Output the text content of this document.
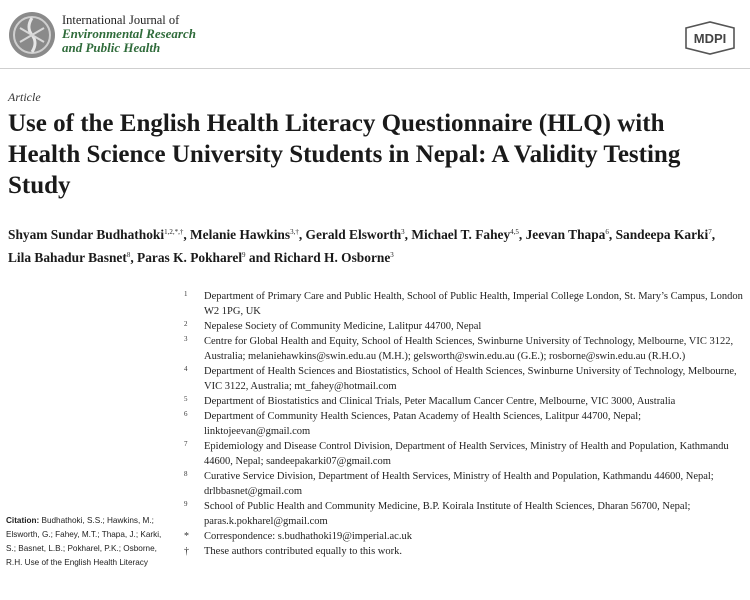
International Journal of
Environmental Research
and Public Health
MDPI
Article
Use of the English Health Literacy Questionnaire (HLQ) with Health Science University Students in Nepal: A Validity Testing Study

Shyam Sundar Budhathoki$^{1,2,*,\dagger}$, Melanie Hawkins$^{3,\dagger}$, Gerald Elsworth$^3$, Michael T. Fahey$^{4,5}$, Jeevan Thapa$^6$, Sandeepa Karki$^7$, Lila Bahadur Basnet$^8$, Paras K. Pokharel$^9$ and Richard H. Osborne$^3$

1 Department of Primary Care and Public Health, School of Public Health, Imperial College London, St. Mary’s Campus, London W2 1PG, UK
2 Nepalese Society of Community Medicine, Lalitpur 44700, Nepal
3 Centre for Global Health and Equity, School of Health Sciences, Swinburne University of Technology, Melbourne, VIC 3122, Australia; melaniehawkins@swin.edu.au (M.H.); gelsworth@swin.edu.au (G.E.); rosborne@swin.edu.au (R.H.O.)
4 Department of Health Sciences and Biostatistics, School of Health Sciences, Swinburne University of Technology, Melbourne, VIC 3122, Australia; mt_fahey@hotmail.com
5 Department of Biostatistics and Clinical Trials, Peter Macallum Cancer Centre, Melbourne, VIC 3000, Australia
6 Department of Community Health Sciences, Patan Academy of Health Sciences, Lalitpur 44700, Nepal; linktojeevan@gmail.com
7 Epidemiology and Disease Control Division, Department of Health Services, Ministry of Health and Population, Kathmandu 44600, Nepal; sandeepakarki07@gmail.com
8 Curative Service Division, Department of Health Services, Ministry of Health and Population, Kathmandu 44600, Nepal; drlbbasnet@gmail.com
9 School of Public Health and Community Medicine, B.P. Koirala Institute of Health Sciences, Dharan 56700, Nepal; paras.k.pokharel@gmail.com
* Correspondence: s.budhathoki19@imperial.ac.uk
† These authors contributed equally to this work.
Citation: Budhathoki, S.S.; Hawkins, M.; Elsworth, G.; Fahey, M.T.; Thapa, J.; Karki, S.; Basnet, L.B.; Pokharel, P.K.; Osborne, R.H. Use of the English Health Literacy
